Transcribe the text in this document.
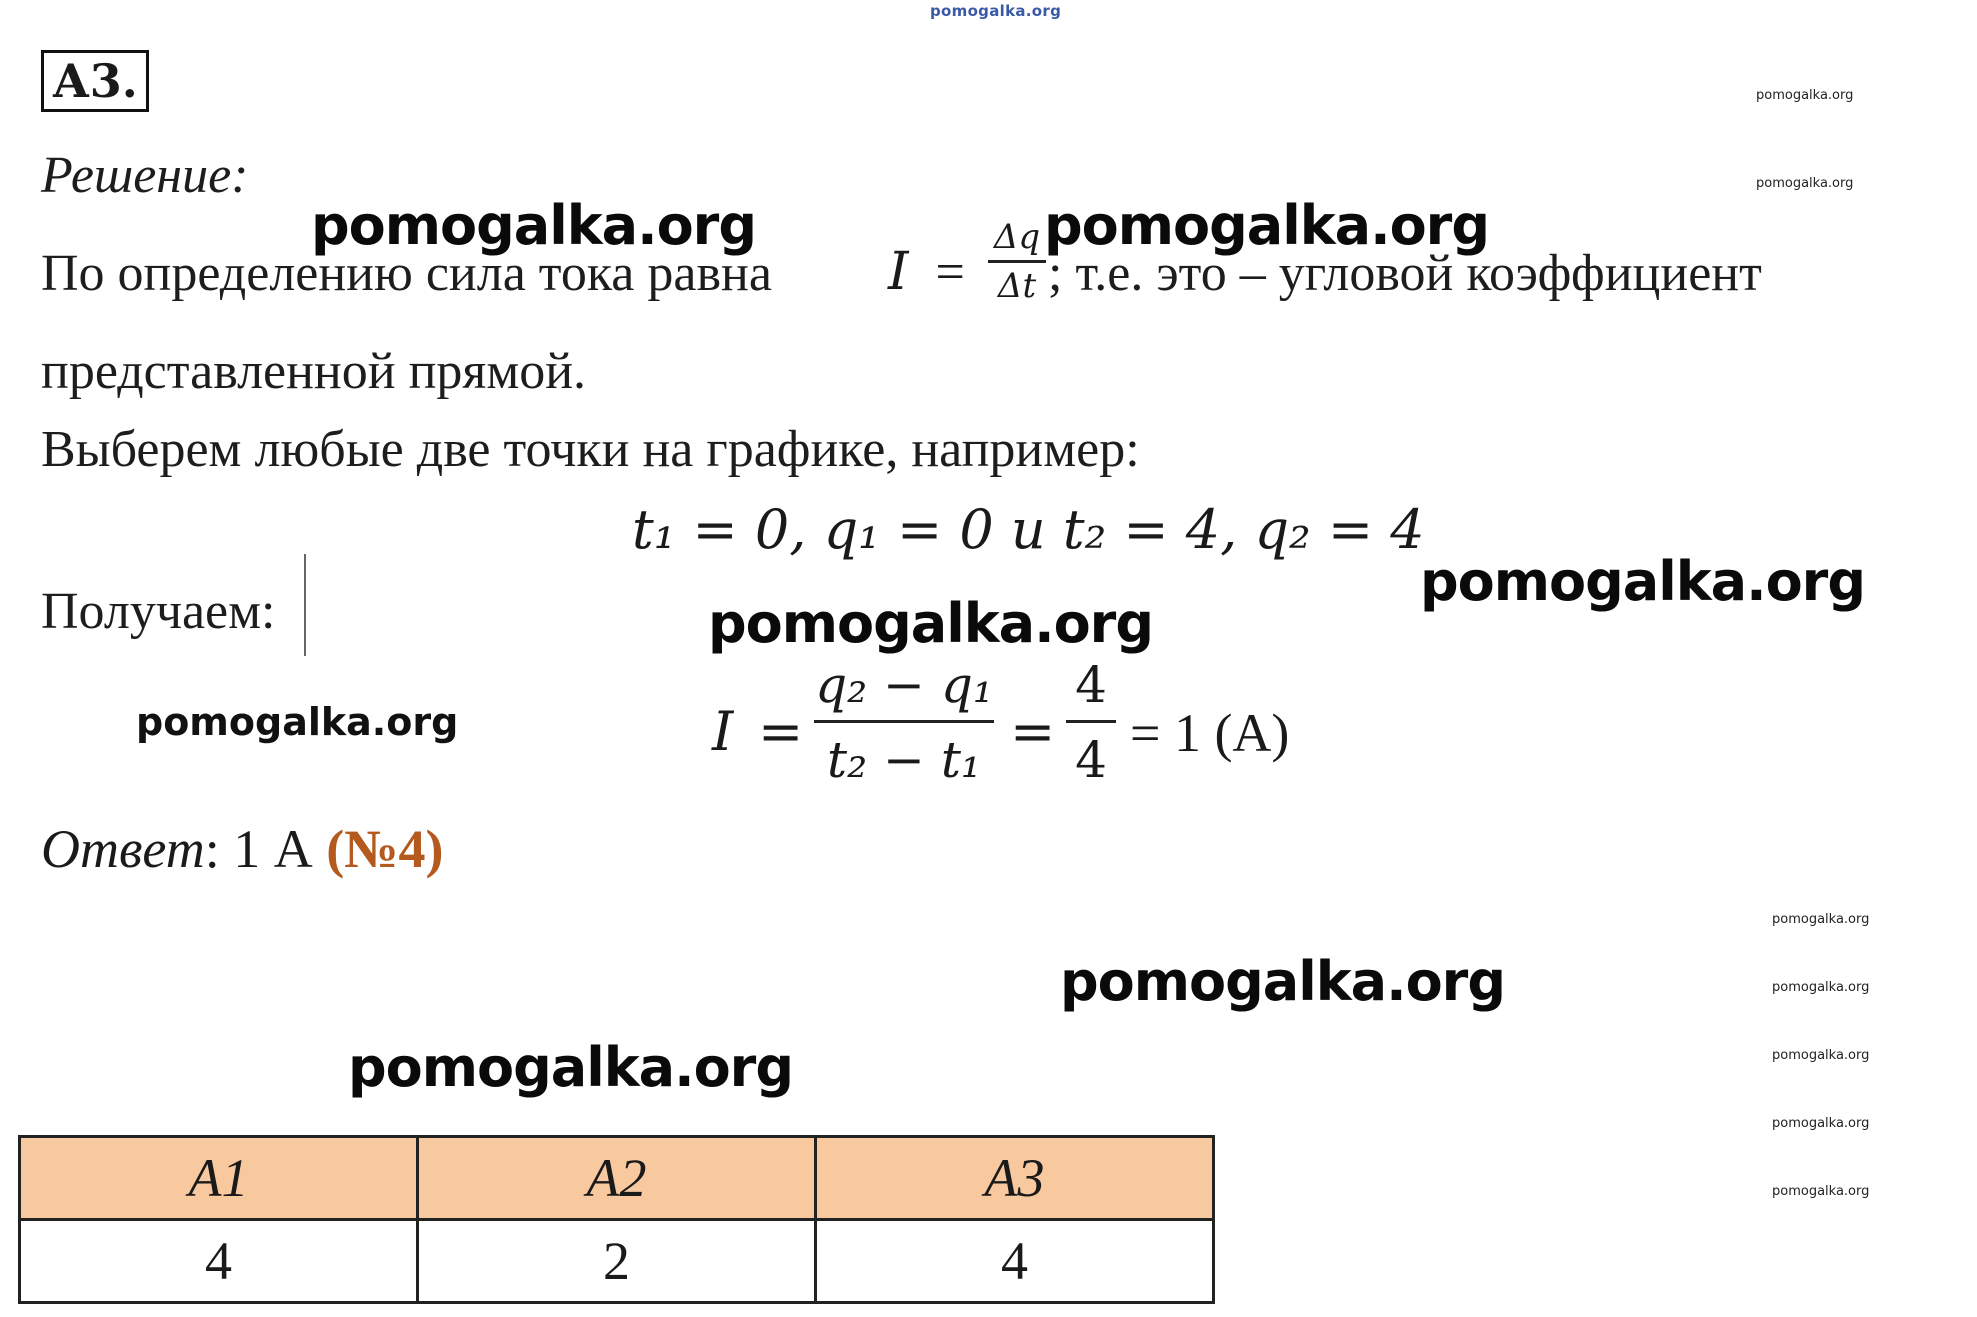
pomogalka.org
А3.
Решение:
По определению сила тока равна $I = \frac{\Delta q}{\Delta t}$ ; т.е. это – угловой коэффициент
представленной прямой.
Выберем любые две точки на графике, например:
t₁ = 0, q₁ = 0 и t₂ = 4, q₂ = 4
Получаем:
$I = \frac{\text{q₂ − q₁}}{\text{t₂ − t₁}} = \frac{4}{4} = 1$ (А)
Ответ: 1 А (№4)
pomogalka.org	pomogalka.org
pomogalka.org
pomogalka.org
pomogalka.org
pomogalka.org
pomogalka.org
pomogalka.org
pomogalka.org
pomogalka.org
pomogalka.org
pomogalka.org
pomogalka.org
pomogalka.org
А1	А2	А3
4	2	4
